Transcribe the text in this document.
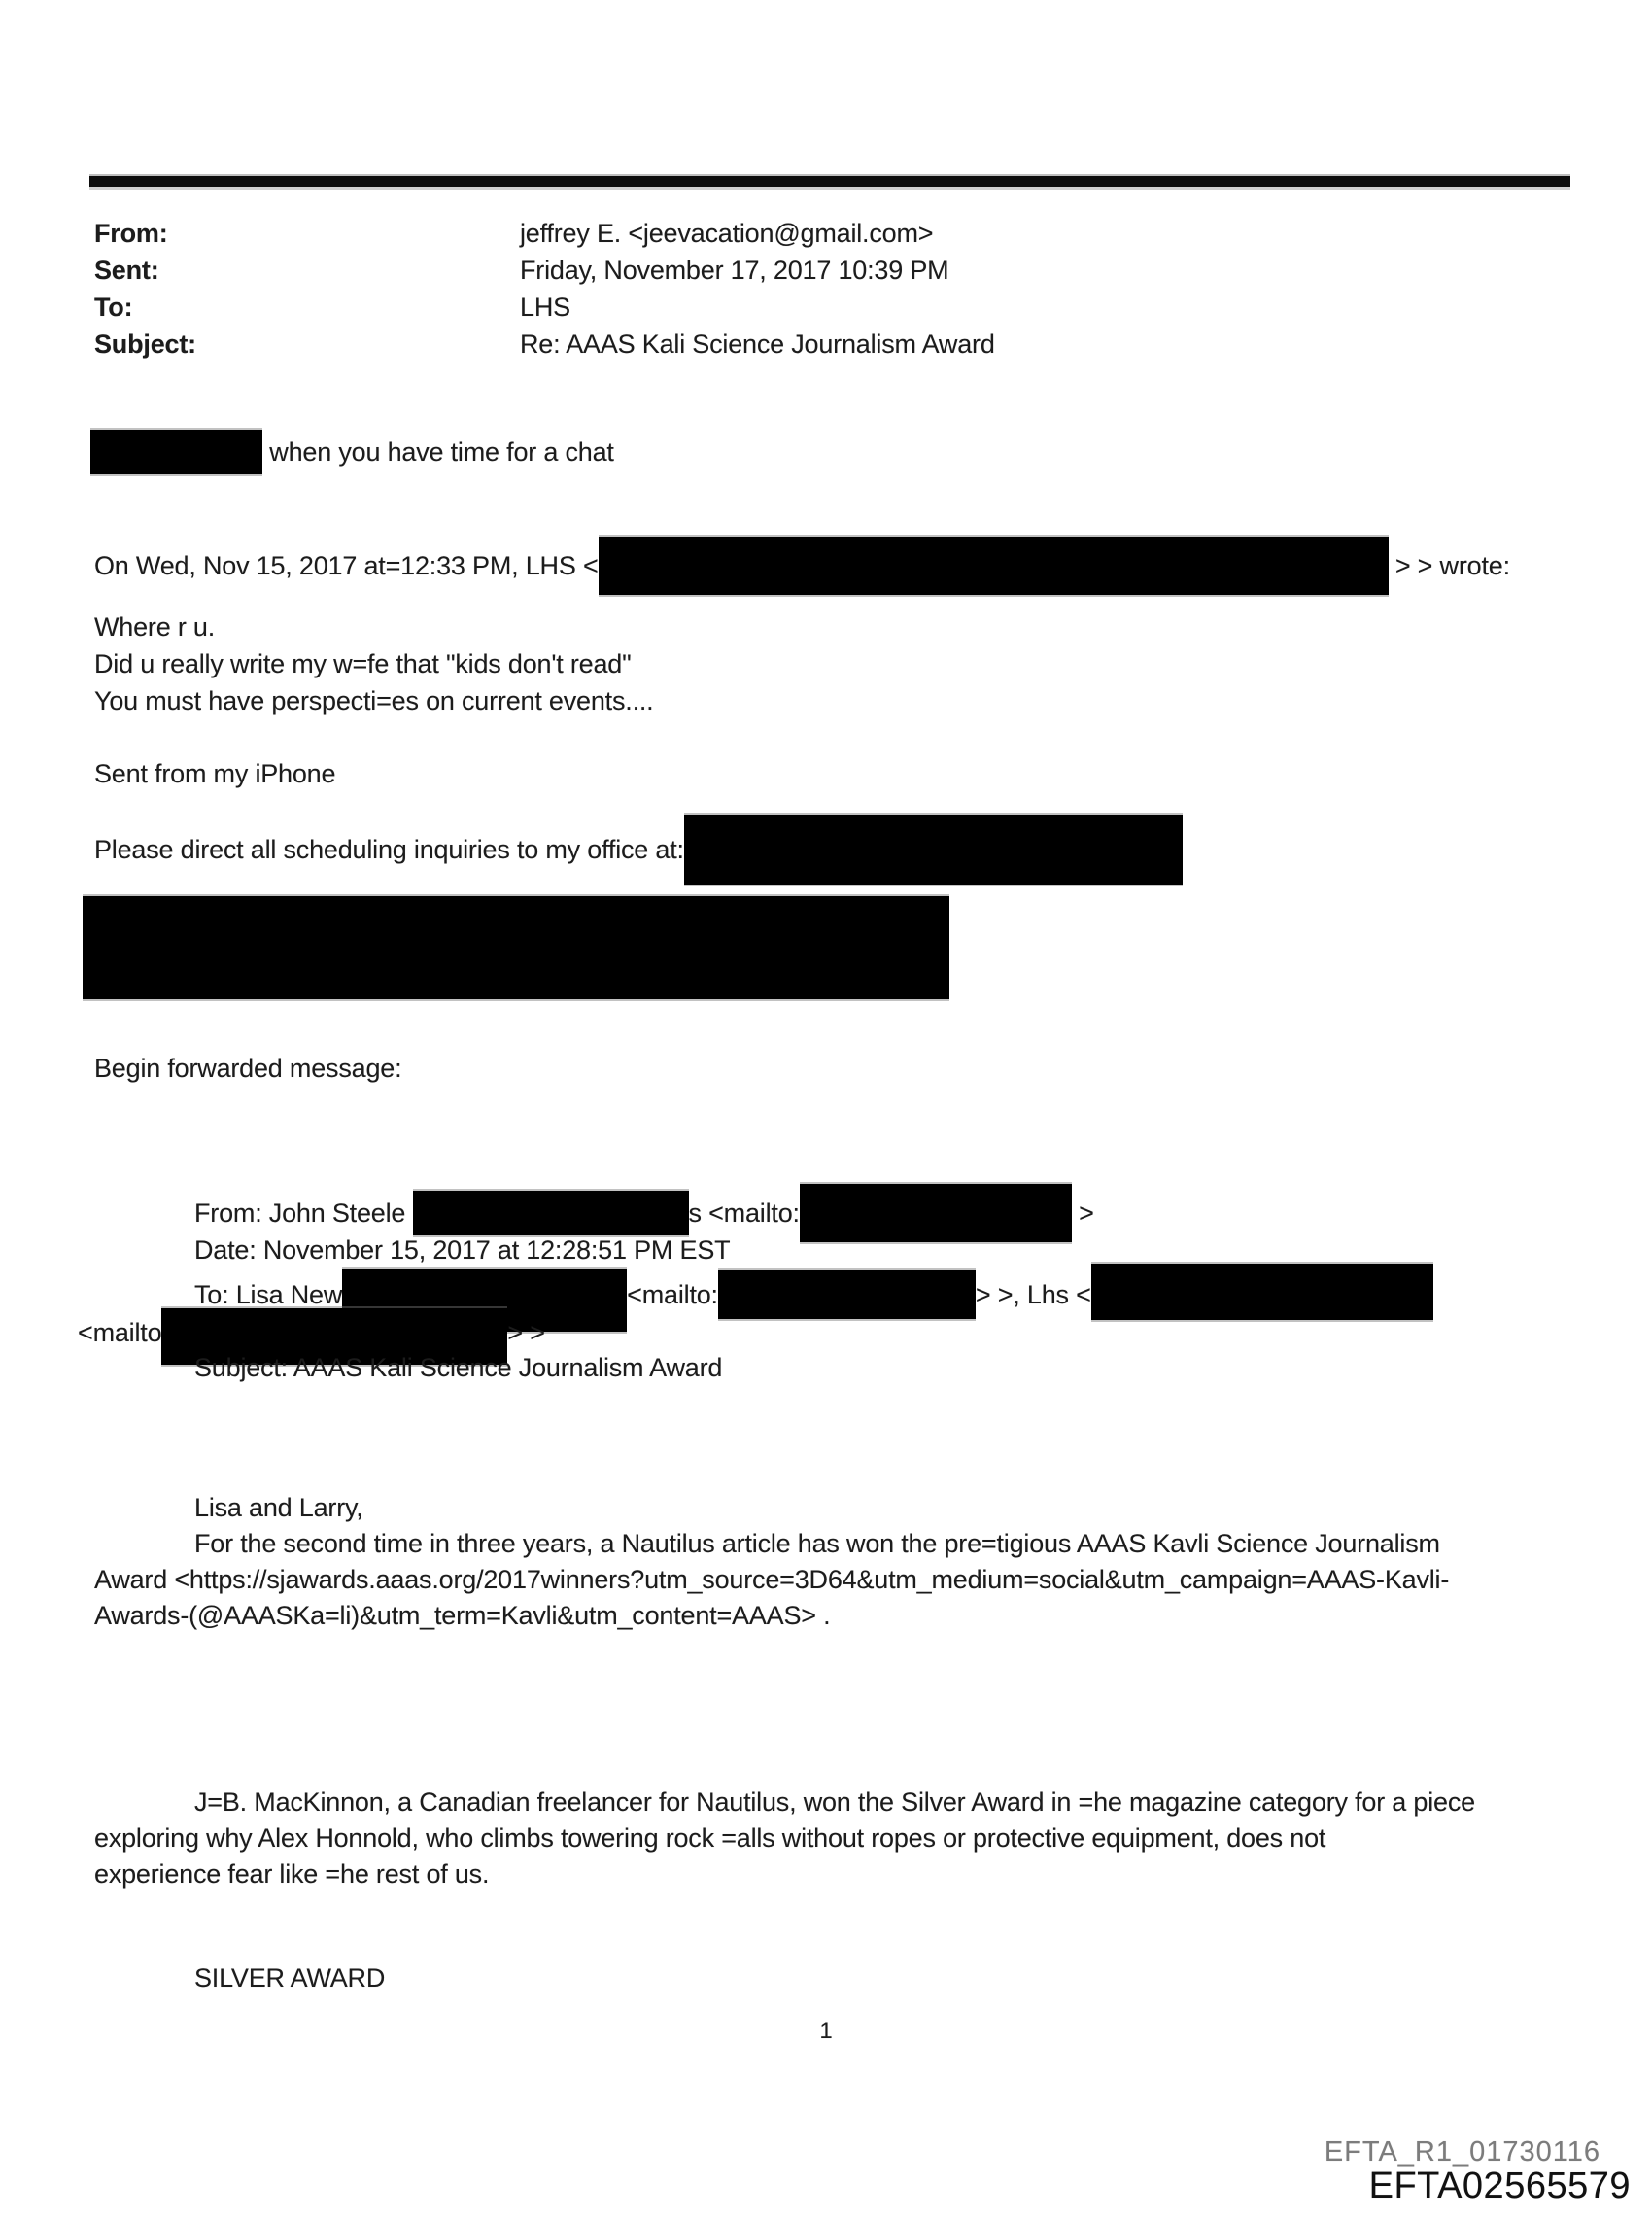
From:	jeffrey E. <jeevacation@gmail.com>
Sent:	Friday, November 17, 2017 10:39 PM
To:	LHS
Subject:	Re: AAAS Kali Science Journalism Award
when you have time for a chat
On Wed, Nov 15, 2017 at=12:33 PM, LHS <	> > wrote:
Where r u.
Did u really write my w=fe that "kids don't read"
You must have perspecti=es on current events....
Sent from my iPhone
Please direct all scheduling inquiries to my office at:
Begin forwarded message:
From: John Steele	s <mailto:	>
Date: November 15, 2017 at 12:28:51 PM EST
To: Lisa New	<mailto:	> >, Lhs <
<mailto	> >
Subject: AAAS Kali Science Journalism Award
Lisa and Larry,
For the second time in three years, a Nautilus article has won the pre=tigious AAAS Kavli Science Journalism
Award <https://sjawards.aaas.org/2017winners?utm_source=3D64&utm_medium=social&utm_campaign=AAAS-Kavli-
Awards-(@AAASKa=li)&utm_term=Kavli&utm_content=AAAS> .
J=B. MacKinnon, a Canadian freelancer for Nautilus, won the Silver Award in =he magazine category for a piece
exploring why Alex Honnold, who climbs towering rock =alls without ropes or protective equipment, does not
experience fear like =he rest of us.
SILVER AWARD
1
EFTA_R1_01730116
EFTA02565579
